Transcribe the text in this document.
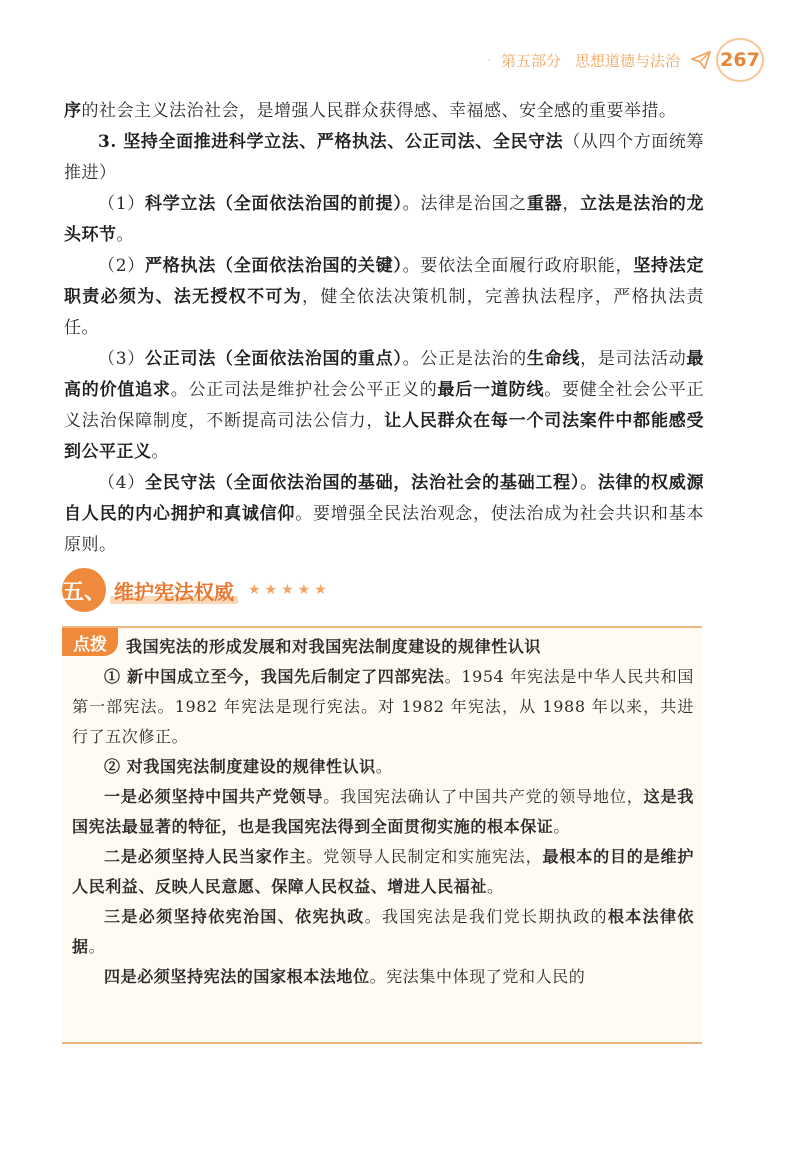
· 第五部分 思想道德与法治 267

序的社会主义法治社会，是增强人民群众获得感、幸福感、安全感的重要举措。

3. 坚持全面推进科学立法、严格执法、公正司法、全民守法（从四个方面统筹推进）

（1）科学立法（全面依法治国的前提）。法律是治国之重器，立法是法治的龙头环节。

（2）严格执法（全面依法治国的关键）。要依法全面履行政府职能，坚持法定职责必须为、法无授权不可为，健全依法决策机制，完善执法程序，严格执法责任。

（3）公正司法（全面依法治国的重点）。公正是法治的生命线，是司法活动最高的价值追求。公正司法是维护社会公平正义的最后一道防线。要健全社会公平正义法治保障制度，不断提高司法公信力，让人民群众在每一个司法案件中都能感受到公平正义。

（4）全民守法（全面依法治国的基础，法治社会的基础工程）。法律的权威源自人民的内心拥护和真诚信仰。要增强全民法治观念，使法治成为社会共识和基本原则。

五、 维护宪法权威 ★★★★★
点拨	我国宪法的形成发展和对我国宪法制度建设的规律性认识

① 新中国成立至今，我国先后制定了四部宪法。1954 年宪法是中华人民共和国第一部宪法。1982 年宪法是现行宪法。对 1982 年宪法，从 1988 年以来，共进行了五次修正。

② 对我国宪法制度建设的规律性认识。

一是必须坚持中国共产党领导。我国宪法确认了中国共产党的领导地位，这是我国宪法最显著的特征，也是我国宪法得到全面贯彻实施的根本保证。

二是必须坚持人民当家作主。党领导人民制定和实施宪法，最根本的目的是维护人民利益、反映人民意愿、保障人民权益、增进人民福祉。

三是必须坚持依宪治国、依宪执政。我国宪法是我们党长期执政的根本法律依据。

四是必须坚持宪法的国家根本法地位。宪法集中体现了党和人民的
